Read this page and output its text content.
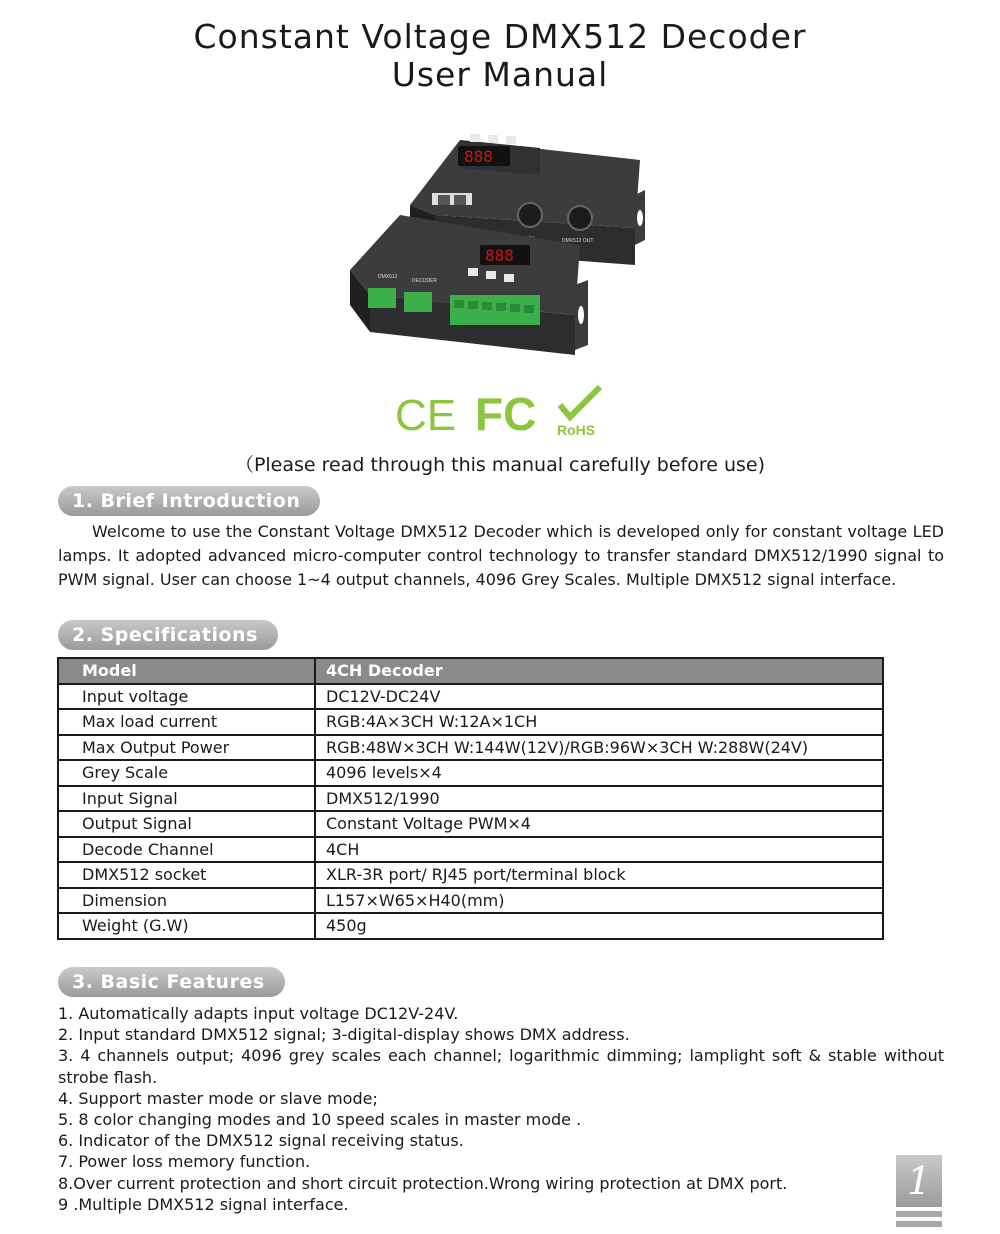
Constant Voltage DMX512 Decoder
User Manual
888
DMX512 OUT
888
DMX512
DECODER
CE FC RoHS
（Please read through this manual carefully before use)
1. Brief Introduction
Welcome to use the Constant Voltage DMX512 Decoder which is developed only for constant voltage LED lamps. It adopted advanced micro-computer control technology to transfer standard DMX512/1990 signal to PWM signal. User can choose 1~4 output channels, 4096 Grey Scales. Multiple DMX512 signal interface.
2. Specifications
Model	4CH Decoder
Input voltage	DC12V-DC24V
Max load current	RGB:4A×3CH W:12A×1CH
Max Output Power	RGB:48W×3CH W:144W(12V)/RGB:96W×3CH W:288W(24V)
Grey Scale	4096 levels×4
Input Signal	DMX512/1990
Output Signal	Constant Voltage PWM×4
Decode Channel	4CH
DMX512 socket	XLR-3R port/ RJ45 port/terminal block
Dimension	L157×W65×H40(mm)
Weight (G.W)	450g
3. Basic Features
1. Automatically adapts input voltage DC12V-24V.
2. Input standard DMX512 signal; 3-digital-display shows DMX address.
3. 4 channels output; 4096 grey scales each channel; logarithmic dimming; lamplight soft & stable without strobe flash.
4. Support master mode or slave mode;
5. 8 color changing modes and 10 speed scales in master mode .
6. Indicator of the DMX512 signal receiving status.
7. Power loss memory function.
8.Over current protection and short circuit protection.Wrong wiring protection at DMX port.
9 .Multiple DMX512 signal interface.
1
